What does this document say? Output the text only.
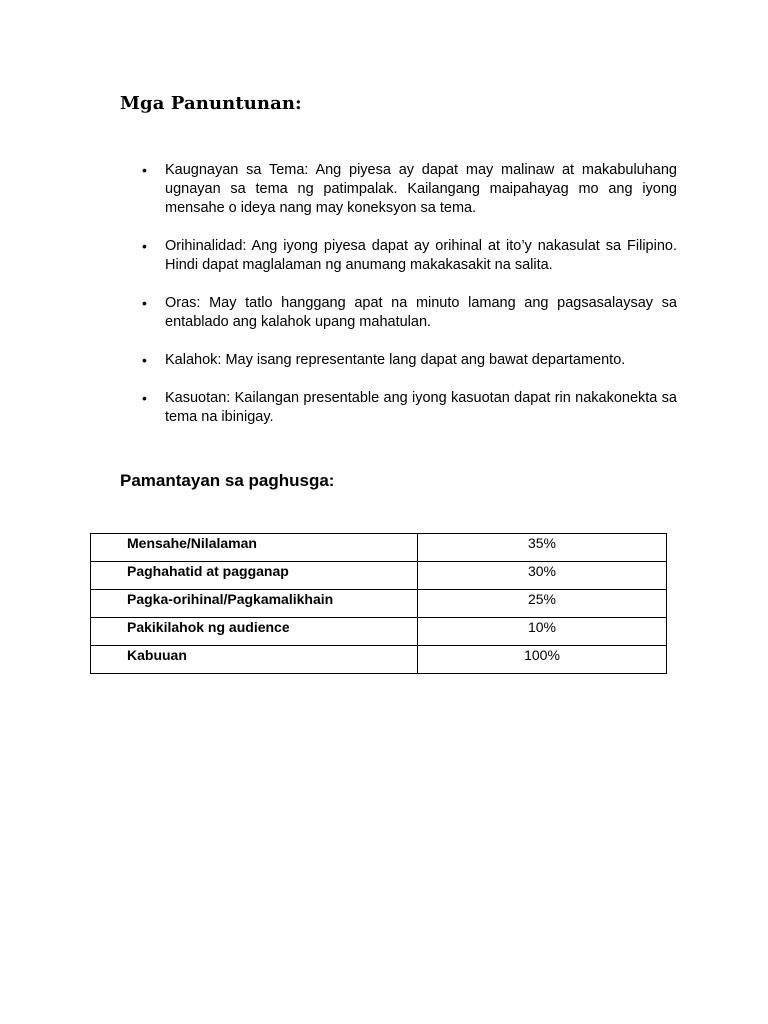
Mga Panuntunan:
• Kaugnayan sa Tema: Ang piyesa ay dapat may malinaw at makabuluhang ugnayan sa tema ng patimpalak. Kailangang maipahayag mo ang iyong mensahe o ideya nang may koneksyon sa tema.
• Orihinalidad: Ang iyong piyesa dapat ay orihinal at ito’y nakasulat sa Filipino. Hindi dapat maglalaman ng anumang makakasakit na salita.
• Oras: May tatlo hanggang apat na minuto lamang ang pagsasalaysay sa entablado ang kalahok upang mahatulan.
• Kalahok: May isang representante lang dapat ang bawat departamento.
• Kasuotan: Kailangan presentable ang iyong kasuotan dapat rin nakakonekta sa tema na ibinigay.
Pamantayan sa paghusga:
Mensahe/Nilalaman	35%
Paghahatid at pagganap	30%
Pagka-orihinal/Pagkamalikhain	25%
Pakikilahok ng audience	10%
Kabuuan	100%
